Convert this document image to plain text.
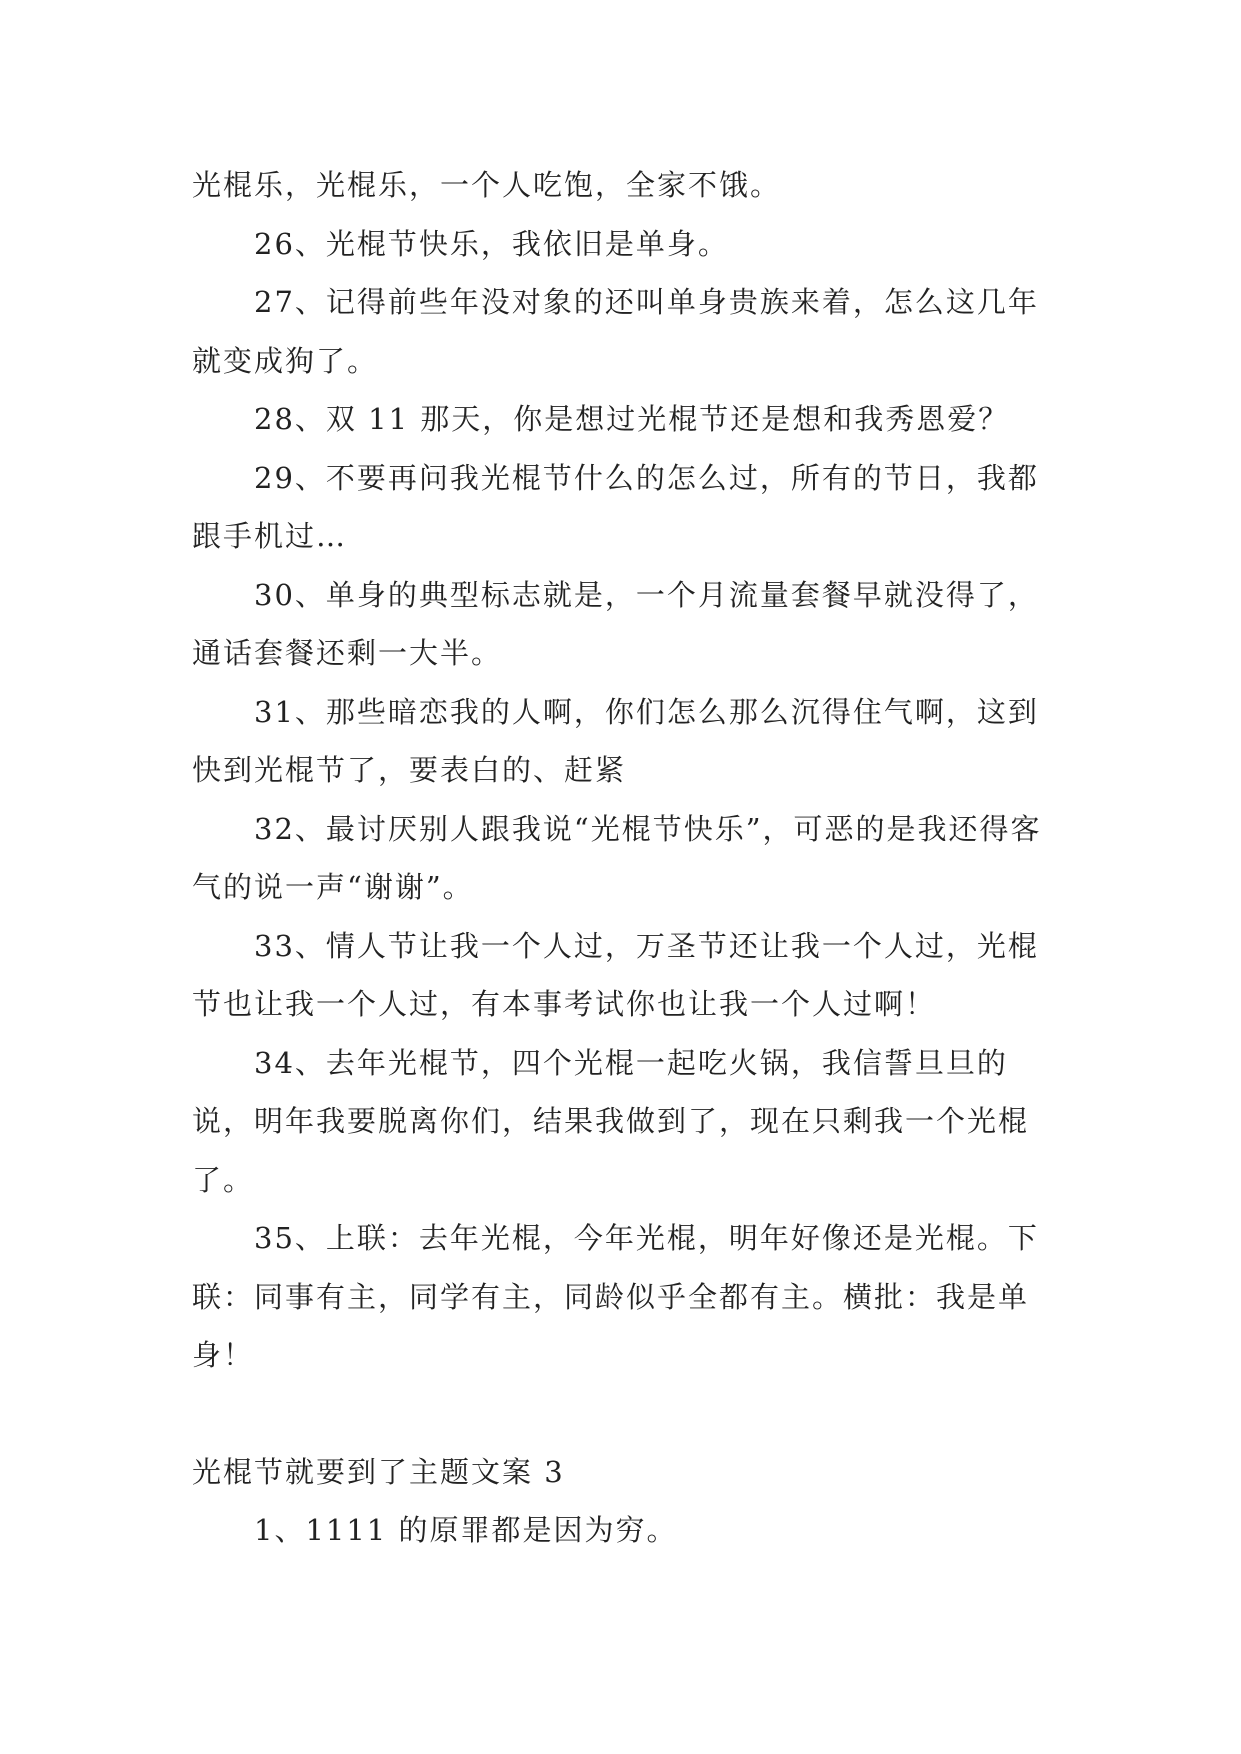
光棍乐，光棍乐，一个人吃饱，全家不饿。

26、光棍节快乐，我依旧是单身。

27、记得前些年没对象的还叫单身贵族来着，怎么这几年就变成狗了。

28、双 11 那天，你是想过光棍节还是想和我秀恩爱？

29、不要再问我光棍节什么的怎么过，所有的节日，我都跟手机过…

30、单身的典型标志就是，一个月流量套餐早就没得了，通话套餐还剩一大半。

31、那些暗恋我的人啊，你们怎么那么沉得住气啊，这到快到光棍节了，要表白的、赶紧

32、最讨厌别人跟我说“光棍节快乐”，可恶的是我还得客气的说一声“谢谢”。

33、情人节让我一个人过，万圣节还让我一个人过，光棍节也让我一个人过，有本事考试你也让我一个人过啊！

34、去年光棍节，四个光棍一起吃火锅，我信誓旦旦的说，明年我要脱离你们，结果我做到了，现在只剩我一个光棍了。

35、上联：去年光棍，今年光棍，明年好像还是光棍。下联：同事有主，同学有主，同龄似乎全都有主。横批：我是单身！

光棍节就要到了主题文案 3

1、1111 的原罪都是因为穷。
